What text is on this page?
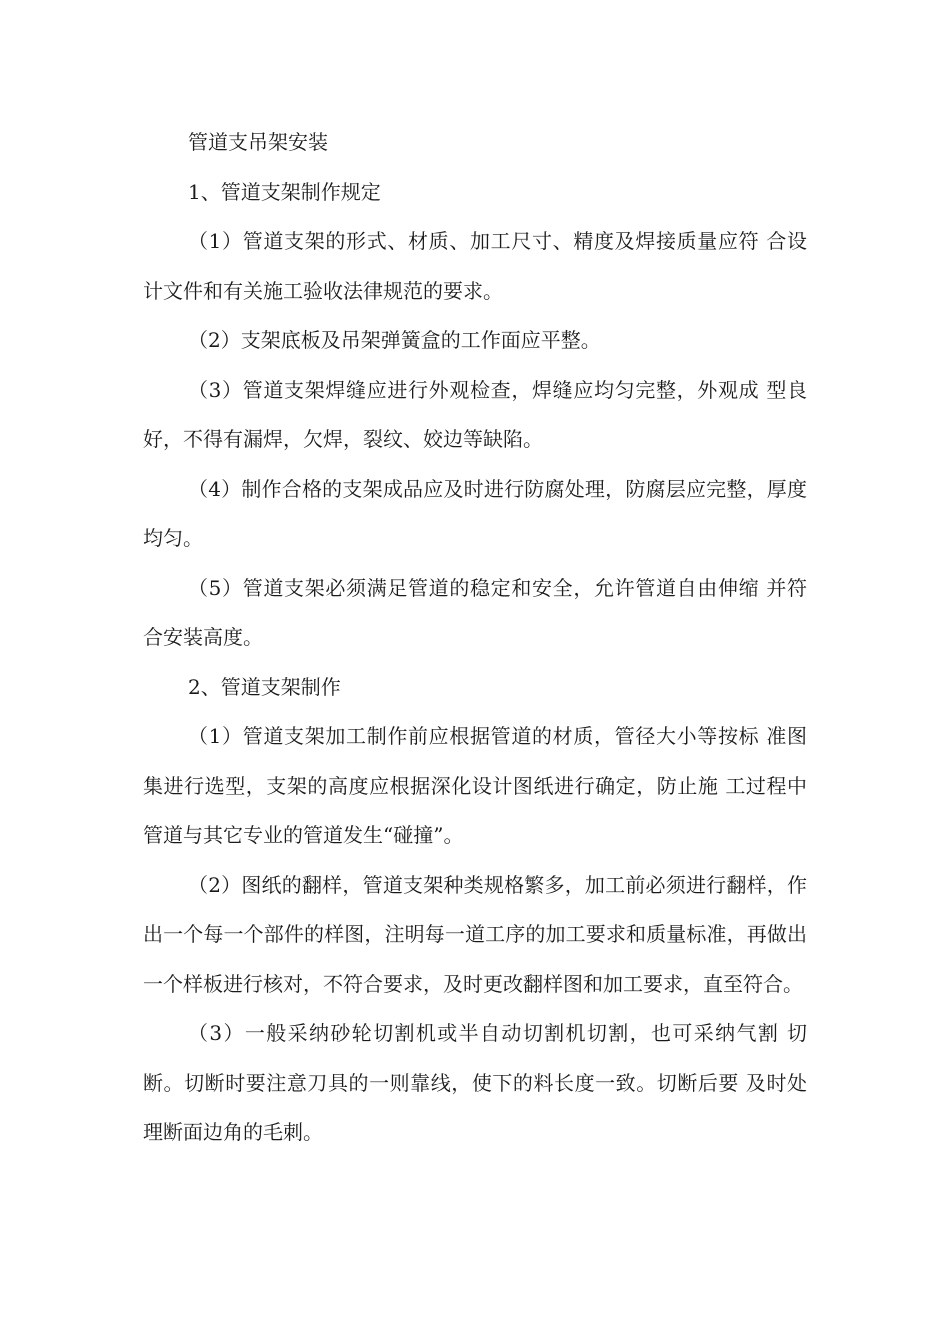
管道支吊架安装

1、管道支架制作规定

（1）管道支架的形式、材质、加工尺寸、精度及焊接质量应符 合设计文件和有关施工验收法律规范的要求。

（2）支架底板及吊架弹簧盒的工作面应平整。

（3）管道支架焊缝应进行外观检查，焊缝应均匀完整，外观成 型良好，不得有漏焊，欠焊，裂纹、姣边等缺陷。

（4）制作合格的支架成品应及时进行防腐处理，防腐层应完整，厚度均匀。

（5）管道支架必须满足管道的稳定和安全，允许管道自由伸缩 并符合安装高度。

2、管道支架制作

（1）管道支架加工制作前应根据管道的材质，管径大小等按标 准图集进行选型，支架的高度应根据深化设计图纸进行确定，防止施 工过程中管道与其它专业的管道发生“碰撞”。

（2）图纸的翻样，管道支架种类规格繁多，加工前必须进行翻样，作出一个每一个部件的样图，注明每一道工序的加工要求和质量标准，再做出一个样板进行核对，不符合要求，及时更改翻样图和加工要求，直至符合。

（3）一般采纳砂轮切割机或半自动切割机切割，也可采纳气割 切断。切断时要注意刀具的一则靠线，使下的料长度一致。切断后要 及时处理断面边角的毛刺。
